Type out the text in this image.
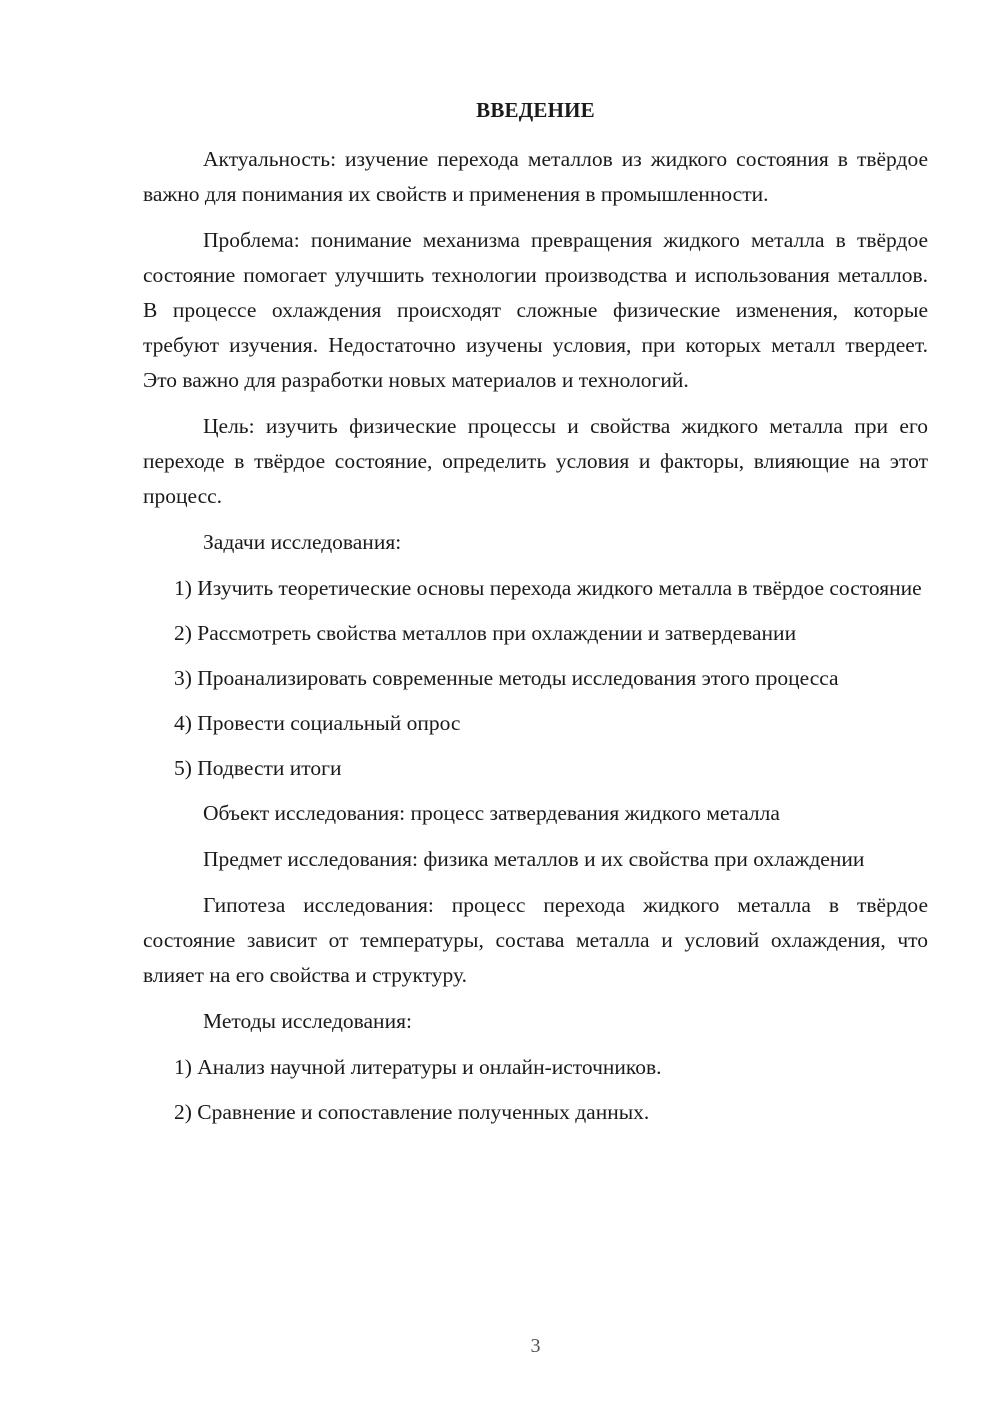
ВВЕДЕНИЕ

Актуальность: изучение перехода металлов из жидкого состояния в твёрдое важно для понимания их свойств и применения в промышленности.

Проблема: понимание механизма превращения жидкого металла в твёрдое состояние помогает улучшить технологии производства и использования металлов. В процессе охлаждения происходят сложные физические изменения, которые требуют изучения. Недостаточно изучены условия, при которых металл твердеет. Это важно для разработки новых материалов и технологий.

Цель: изучить физические процессы и свойства жидкого металла при его переходе в твёрдое состояние, определить условия и факторы, влияющие на этот процесс.

Задачи исследования:

1) Изучить теоретические основы перехода жидкого металла в твёрдое состояние

2) Рассмотреть свойства металлов при охлаждении и затвердевании

3) Проанализировать современные методы исследования этого процесса

4) Провести социальный опрос

5) Подвести итоги

Объект исследования: процесс затвердевания жидкого металла

Предмет исследования: физика металлов и их свойства при охлаждении

Гипотеза исследования: процесс перехода жидкого металла в твёрдое состояние зависит от температуры, состава металла и условий охлаждения, что влияет на его свойства и структуру.

Методы исследования:

1) Анализ научной литературы и онлайн-источников.

2) Сравнение и сопоставление полученных данных.

3
